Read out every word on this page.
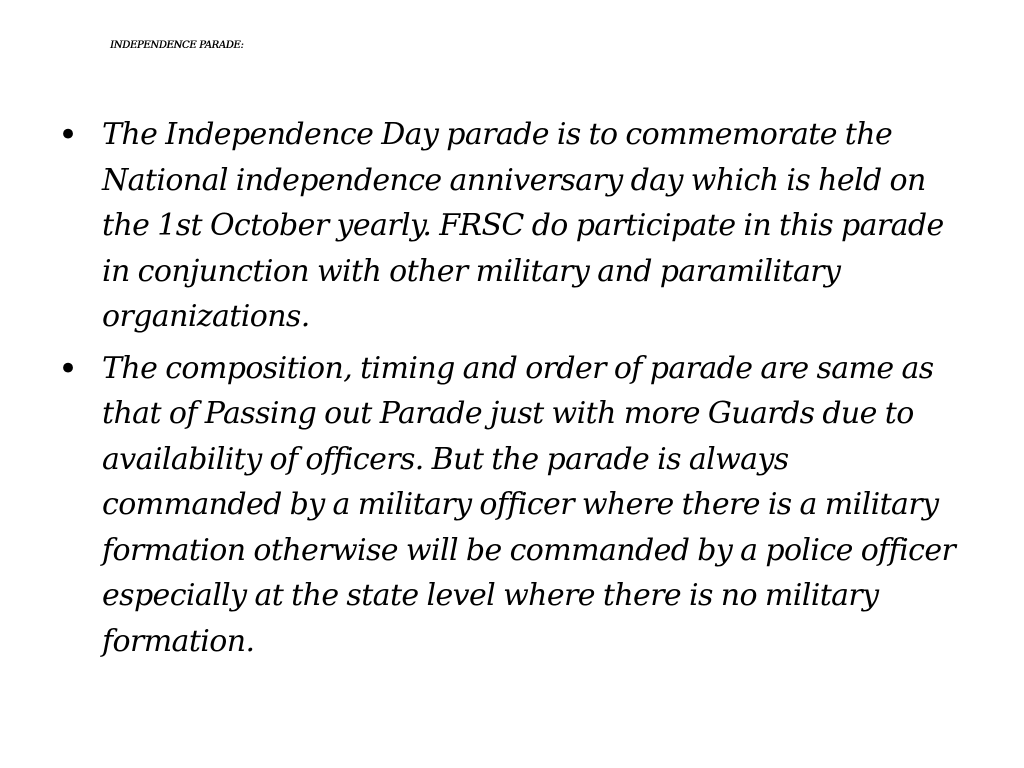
INDEPENDENCE PARADE:
• The Independence Day parade is to commemorate the National independence anniversary day which is held on the 1st October yearly. FRSC do participate in this parade in conjunction with other military and paramilitary organizations.
• The composition, timing and order of parade are same as that of Passing out Parade just with more Guards due to availability of officers. But the parade is always commanded by a military officer where there is a military formation otherwise will be commanded by a police officer especially at the state level where there is no military formation.
